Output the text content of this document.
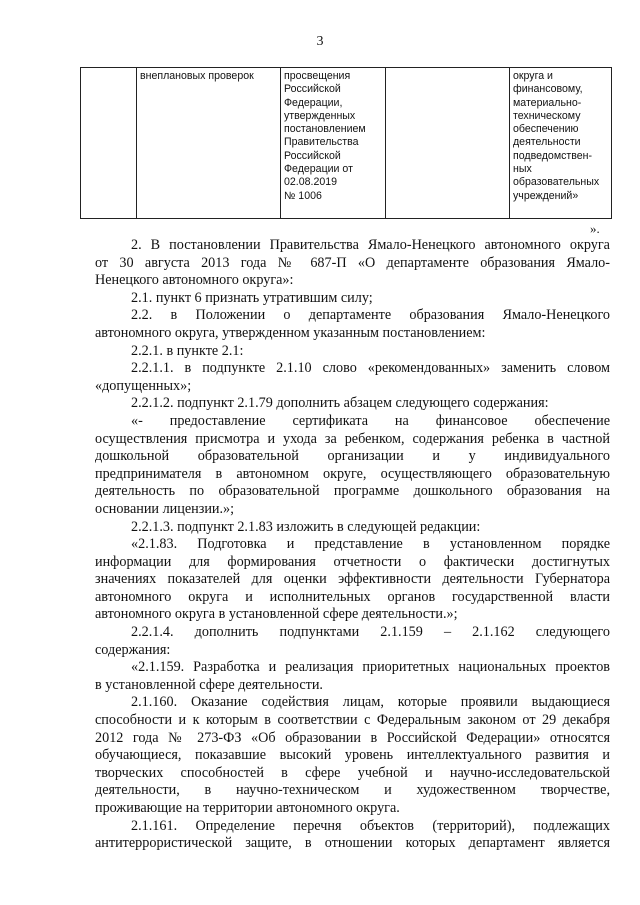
3
	внеплановых проверок	просвещения
Российской
Федерации,
утвержденных
постановлением
Правительства
Российской
Федерации от
02.08.2019
№ 1006		округа и
финансовому,
материально-
техническому
обеспечению
деятельности
подведомствен-
ных
образовательных
учреждений»
».

2. В постановлении Правительства Ямало-Ненецкого автономного округа
от 30 августа 2013 года № 687-П «О департаменте образования Ямало-
Ненецкого автономного округа»:

2.1. пункт 6 признать утратившим силу;

2.2. в Положении о департаменте образования Ямало-Ненецкого
автономного округа, утвержденном указанным постановлением:

2.2.1. в пункте 2.1:

2.2.1.1. в подпункте 2.1.10 слово «рекомендованных» заменить словом
«допущенных»;

2.2.1.2. подпункт 2.1.79 дополнить абзацем следующего содержания:

«- предоставление сертификата на финансовое обеспечение
осуществления присмотра и ухода за ребенком, содержания ребенка в частной
дошкольной образовательной организации и у индивидуального
предпринимателя в автономном округе, осуществляющего образовательную
деятельность по образовательной программе дошкольного образования на
основании лицензии.»;

2.2.1.3. подпункт 2.1.83 изложить в следующей редакции:

«2.1.83. Подготовка и представление в установленном порядке
информации для формирования отчетности о фактически достигнутых
значениях показателей для оценки эффективности деятельности Губернатора
автономного округа и исполнительных органов государственной власти
автономного округа в установленной сфере деятельности.»;

2.2.1.4. дополнить подпунктами 2.1.159 – 2.1.162 следующего
содержания:

«2.1.159. Разработка и реализация приоритетных национальных проектов
в установленной сфере деятельности.

2.1.160. Оказание содействия лицам, которые проявили выдающиеся
способности и к которым в соответствии с Федеральным законом от 29 декабря
2012 года № 273-ФЗ «Об образовании в Российской Федерации» относятся
обучающиеся, показавшие высокий уровень интеллектуального развития и
творческих способностей в сфере учебной и научно-исследовательской
деятельности, в научно-техническом и художественном творчестве,
проживающие на территории автономного округа.

2.1.161. Определение перечня объектов (территорий), подлежащих
антитеррористической защите, в отношении которых департамент является
